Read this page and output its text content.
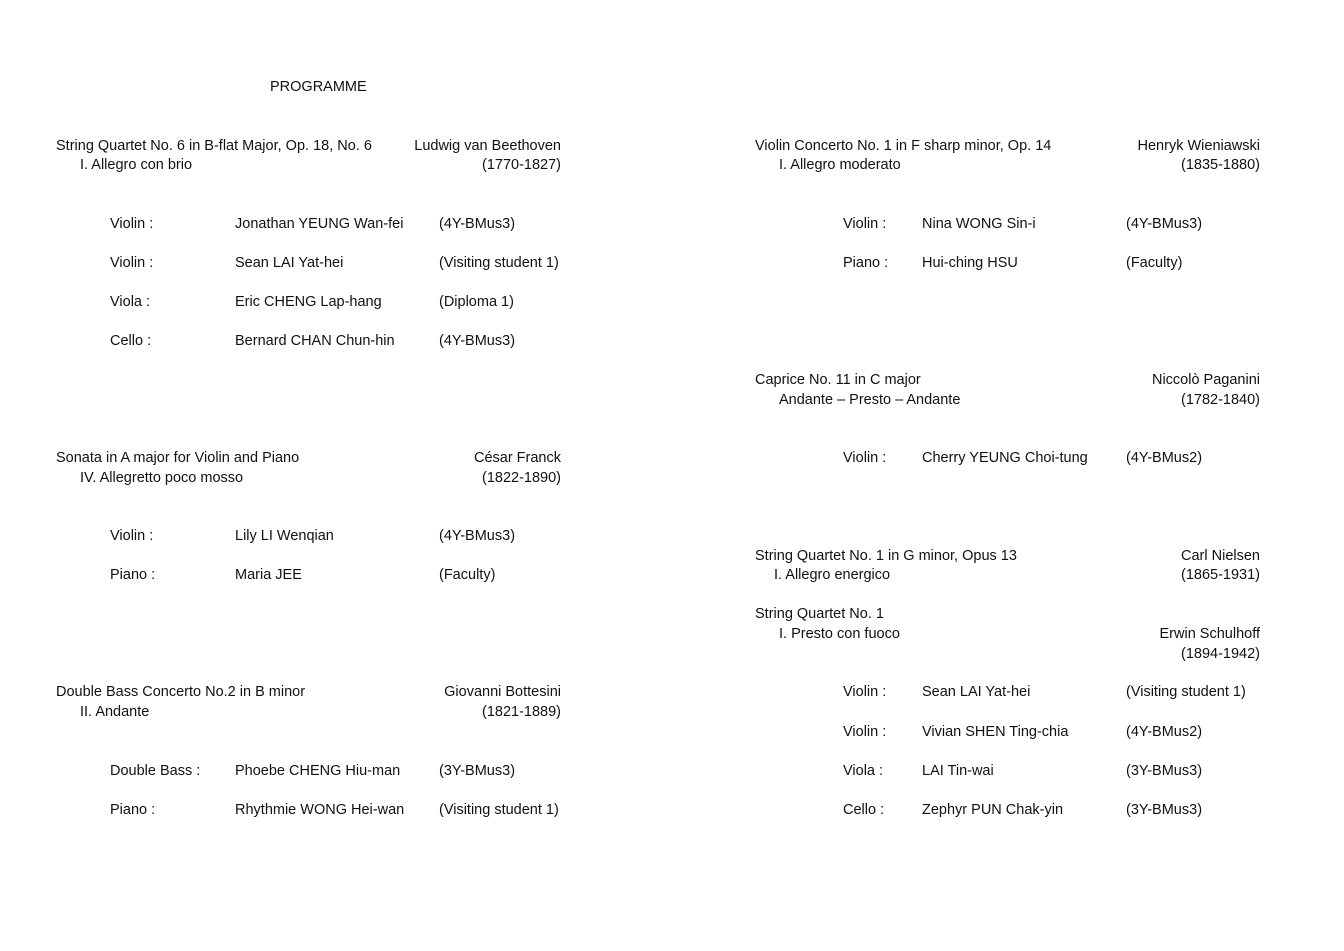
PROGRAMME
String Quartet No. 6 in B-flat Major, Op. 18, No. 6
I. Allegro con brio
Ludwig van Beethoven
(1770-1827)
Violin :	Jonathan YEUNG Wan-fei (4Y-BMus3)
Violin :	Sean LAI Yat-hei	(Visiting student 1)
Viola :	Eric CHENG Lap-hang	(Diploma 1)
Cello :	Bernard CHAN Chun-hin	(4Y-BMus3)
Sonata in A major for Violin and Piano
IV. Allegretto poco mosso
César Franck
(1822-1890)
Violin :	Lily LI Wenqian	(4Y-BMus3)
Piano :	Maria JEE	(Faculty)
Double Bass Concerto No.2 in B minor
II. Andante
Giovanni Bottesini
(1821-1889)
Double Bass : Phoebe CHENG Hiu-man	(3Y-BMus3)
Piano :	Rhythmie WONG Hei-wan (Visiting student 1)
Violin Concerto No. 1 in F sharp minor, Op. 14
I. Allegro moderato
Henryk Wieniawski
(1835-1880)
Violin : Nina WONG Sin-i	(4Y-BMus3)
Piano : Hui-ching HSU	(Faculty)
Caprice No. 11 in C major
Andante – Presto – Andante
Niccolò Paganini
(1782-1840)
Violin : Cherry YEUNG Choi-tung	(4Y-BMus2)
String Quartet No. 1 in G minor, Opus 13
I. Allegro energico
Carl Nielsen
(1865-1931)
String Quartet No. 1
I. Presto con fuoco	Erwin Schulhoff
(1894-1942)
Violin : Sean LAI Yat-hei	(Visiting student 1)
Violin : Vivian SHEN Ting-chia	(4Y-BMus2)
Viola :	LAI Tin-wai	(3Y-BMus3)
Cello :	Zephyr PUN Chak-yin	(3Y-BMus3)
